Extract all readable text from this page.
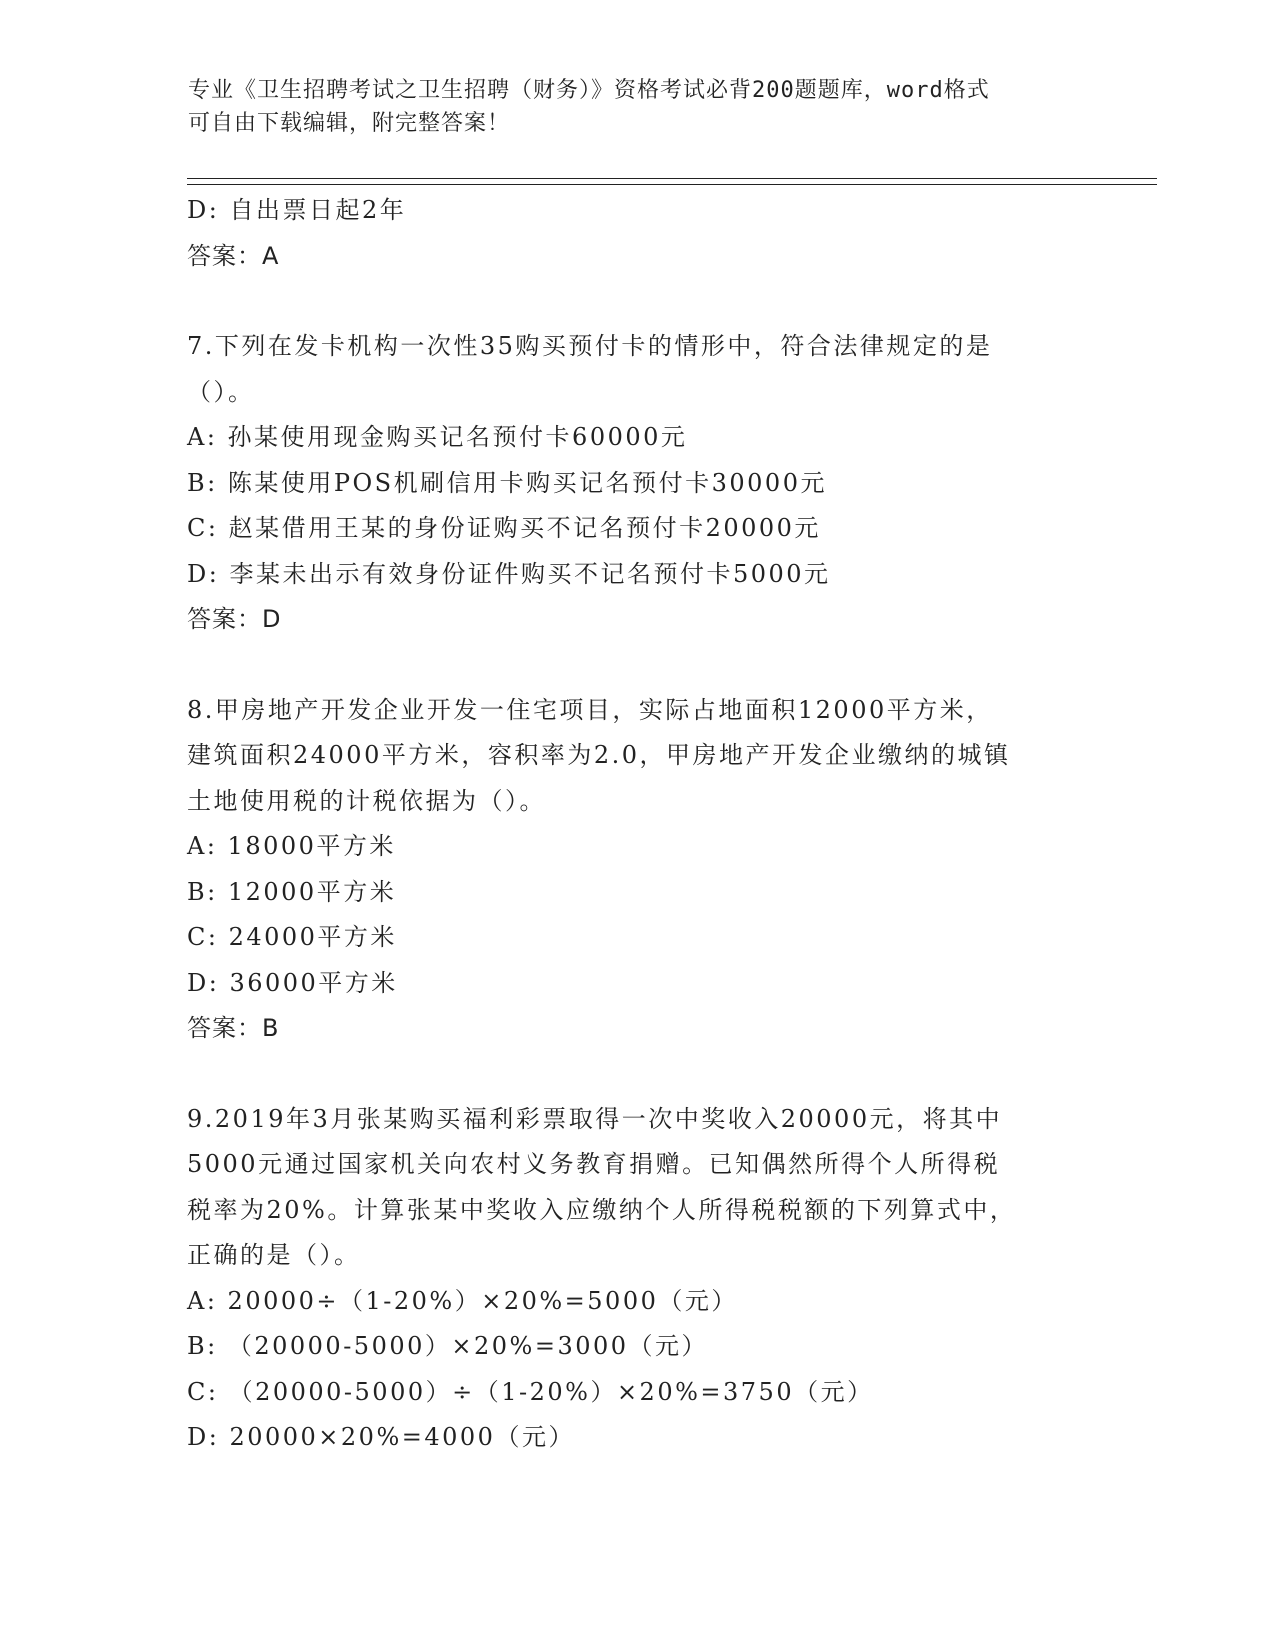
专业《卫生招聘考试之卫生招聘（财务）》资格考试必背200题题库，word格式
可自由下载编辑，附完整答案！
D: 自出票日起2年
答案：A
7.下列在发卡机构一次性35购买预付卡的情形中，符合法律规定的是
（）。
A: 孙某使用现金购买记名预付卡60000元
B: 陈某使用POS机刷信用卡购买记名预付卡30000元
C: 赵某借用王某的身份证购买不记名预付卡20000元
D: 李某未出示有效身份证件购买不记名预付卡5000元
答案：D
8.甲房地产开发企业开发一住宅项目，实际占地面积12000平方米，
建筑面积24000平方米，容积率为2.0，甲房地产开发企业缴纳的城镇
土地使用税的计税依据为（）。
A: 18000平方米
B: 12000平方米
C: 24000平方米
D: 36000平方米
答案：B
9.2019年3月张某购买福利彩票取得一次中奖收入20000元，将其中
5000元通过国家机关向农村义务教育捐赠。已知偶然所得个人所得税
税率为20%。计算张某中奖收入应缴纳个人所得税税额的下列算式中，
正确的是（）。
A: 20000÷（1-20%）×20%=5000（元）
B: （20000-5000）×20%=3000（元）
C: （20000-5000）÷（1-20%）×20%=3750（元）
D: 20000×20%=4000（元）
